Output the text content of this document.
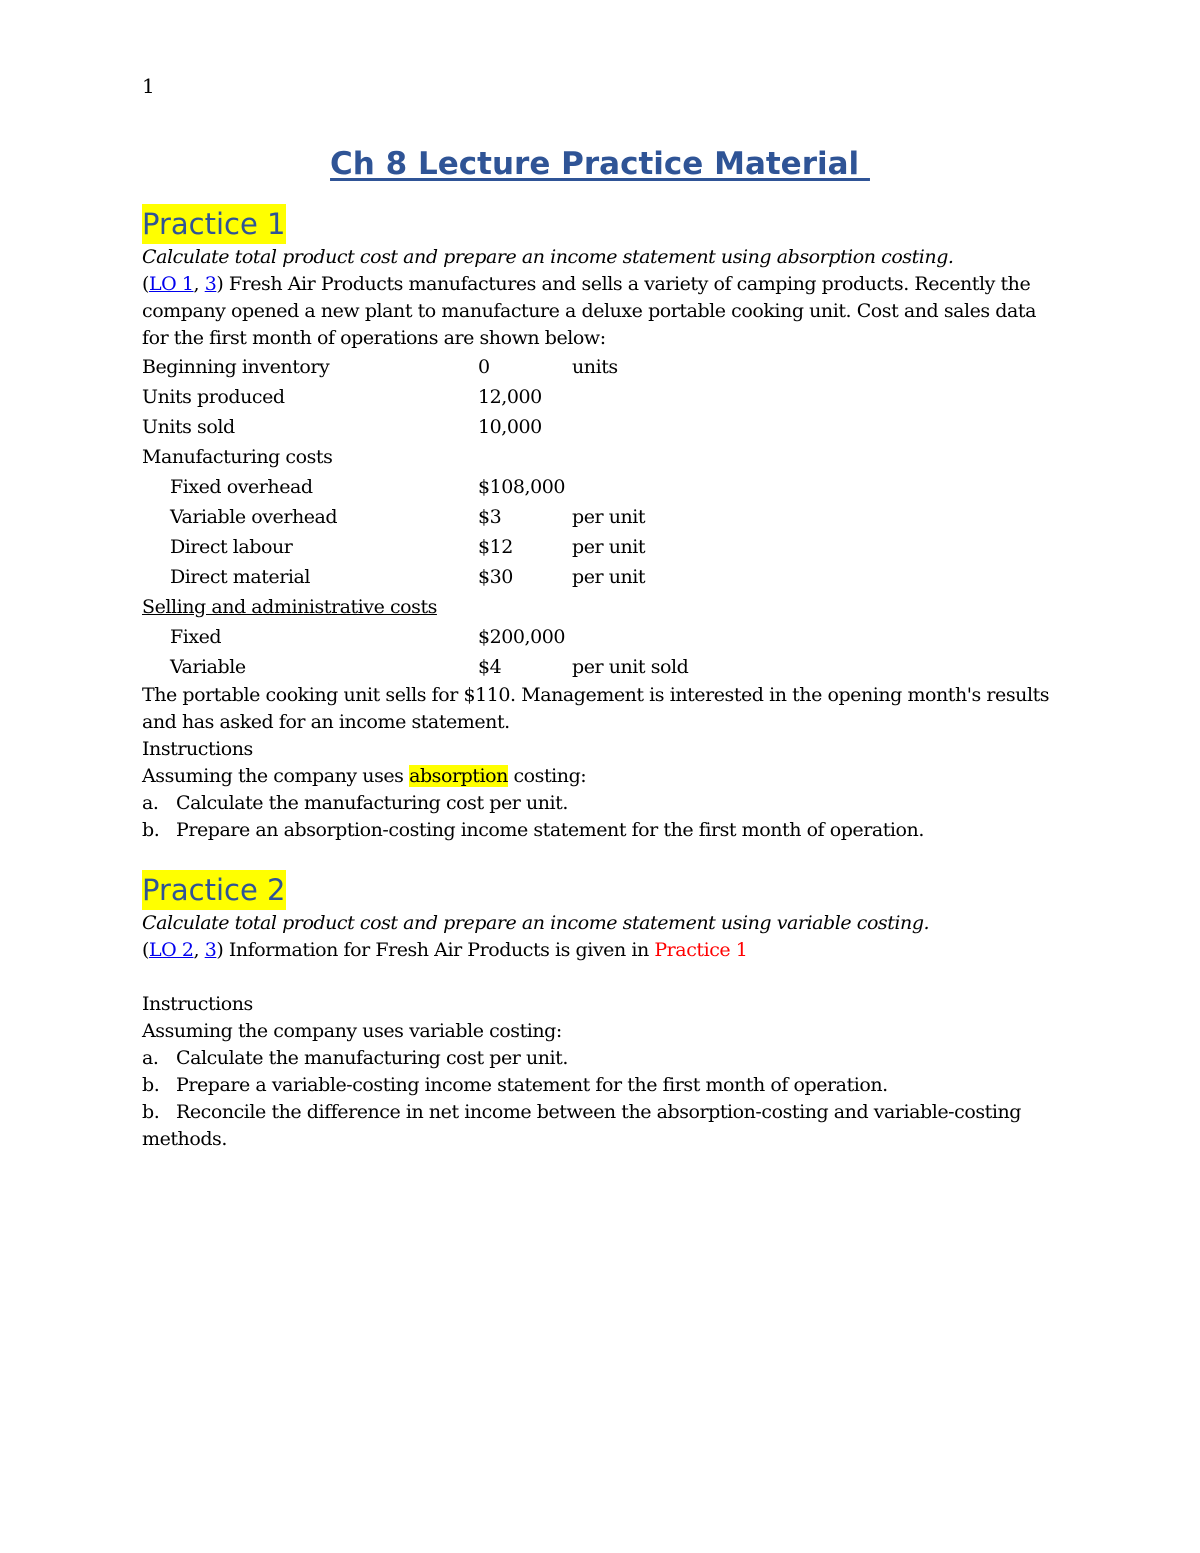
1
Ch 8 Lecture Practice Material
Practice 1
Calculate total product cost and prepare an income statement using absorption costing.
(LO 1, 3) Fresh Air Products manufactures and sells a variety of camping products. Recently the company opened a new plant to manufacture a deluxe portable cooking unit. Cost and sales data for the first month of operations are shown below:
Beginning inventory	0	units
Units produced	12,000	
Units sold	10,000	
Manufacturing costs		
Fixed overhead	$108,000	
Variable overhead	$3	per unit
Direct labour	$12	per unit
Direct material	$30	per unit
Selling and administrative costs		
Fixed	$200,000	
Variable	$4	per unit sold
The portable cooking unit sells for $110. Management is interested in the opening month's results and has asked for an income statement.
Instructions
Assuming the company uses absorption costing:
a. Calculate the manufacturing cost per unit.
b. Prepare an absorption-costing income statement for the first month of operation.
Practice 2
Calculate total product cost and prepare an income statement using variable costing.
(LO 2, 3) Information for Fresh Air Products is given in Practice 1
Instructions
Assuming the company uses variable costing:
a. Calculate the manufacturing cost per unit.
b. Prepare a variable-costing income statement for the first month of operation.
b. Reconcile the difference in net income between the absorption-costing and variable-costing methods.
